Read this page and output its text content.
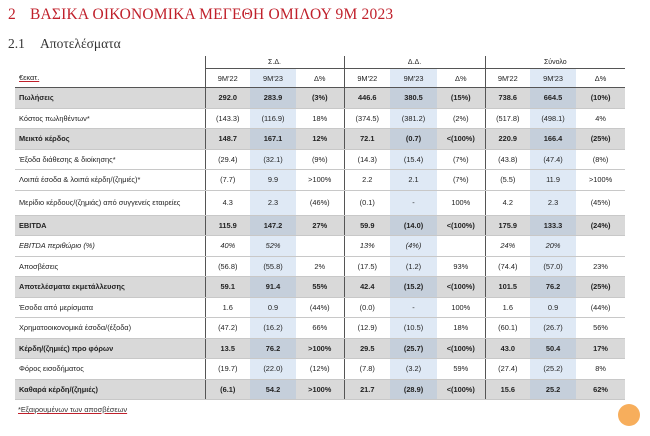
2 ΒΑΣΙΚΑ ΟΙΚΟΝΟΜΙΚΑ ΜΕΓΕΘΗ ΟΜΙΛΟΥ 9M 2023
2.1 Αποτελέσματα
	Σ.Δ.			Δ.Δ.			Σύνολο		
€εκατ.	9M'22	9M'23	Δ%	9M'22	9M'23	Δ%	9M'22	9M'23	Δ%
Πωλήσεις	292.0	283.9	(3%)	446.6	380.5	(15%)	738.6	664.5	(10%)
Κόστος πωληθέντων*	(143.3)	(116.9)	18%	(374.5)	(381.2)	(2%)	(517.8)	(498.1)	4%
Μεικτό κέρδος	148.7	167.1	12%	72.1	(0.7)	<(100%)	220.9	166.4	(25%)
Έξοδα διάθεσης & διοίκησης*	(29.4)	(32.1)	(9%)	(14.3)	(15.4)	(7%)	(43.8)	(47.4)	(8%)
Λοιπά έσοδα & λοιπά κέρδη/(ζημιές)*	(7.7)	9.9	>100%	2.2	2.1	(7%)	(5.5)	11.9	>100%
Μερίδιο κέρδους/(ζημιάς) από συγγενείς εταιρείες	4.3	2.3	(46%)	(0.1)	-	100%	4.2	2.3	(45%)
EBITDA	115.9	147.2	27%	59.9	(14.0)	<(100%)	175.9	133.3	(24%)
EBITDA περιθώριο (%)	40%	52%		13%	(4%)		24%	20%	
Αποσβέσεις	(56.8)	(55.8)	2%	(17.5)	(1.2)	93%	(74.4)	(57.0)	23%
Αποτελέσματα εκμετάλλευσης	59.1	91.4	55%	42.4	(15.2)	<(100%)	101.5	76.2	(25%)
Έσοδα από μερίσματα	1.6	0.9	(44%)	(0.0)	-	100%	1.6	0.9	(44%)
Χρηματοοικονομικά έσοδα/(έξοδα)	(47.2)	(16.2)	66%	(12.9)	(10.5)	18%	(60.1)	(26.7)	56%
Κέρδη/(ζημιές) προ φόρων	13.5	76.2	>100%	29.5	(25.7)	<(100%)	43.0	50.4	17%
Φόρος εισοδήματος	(19.7)	(22.0)	(12%)	(7.8)	(3.2)	59%	(27.4)	(25.2)	8%
Καθαρά κέρδη/(ζημιές)	(6.1)	54.2	>100%	21.7	(28.9)	<(100%)	15.6	25.2	62%
*Εξαιρουμένων των αποσβέσεων
